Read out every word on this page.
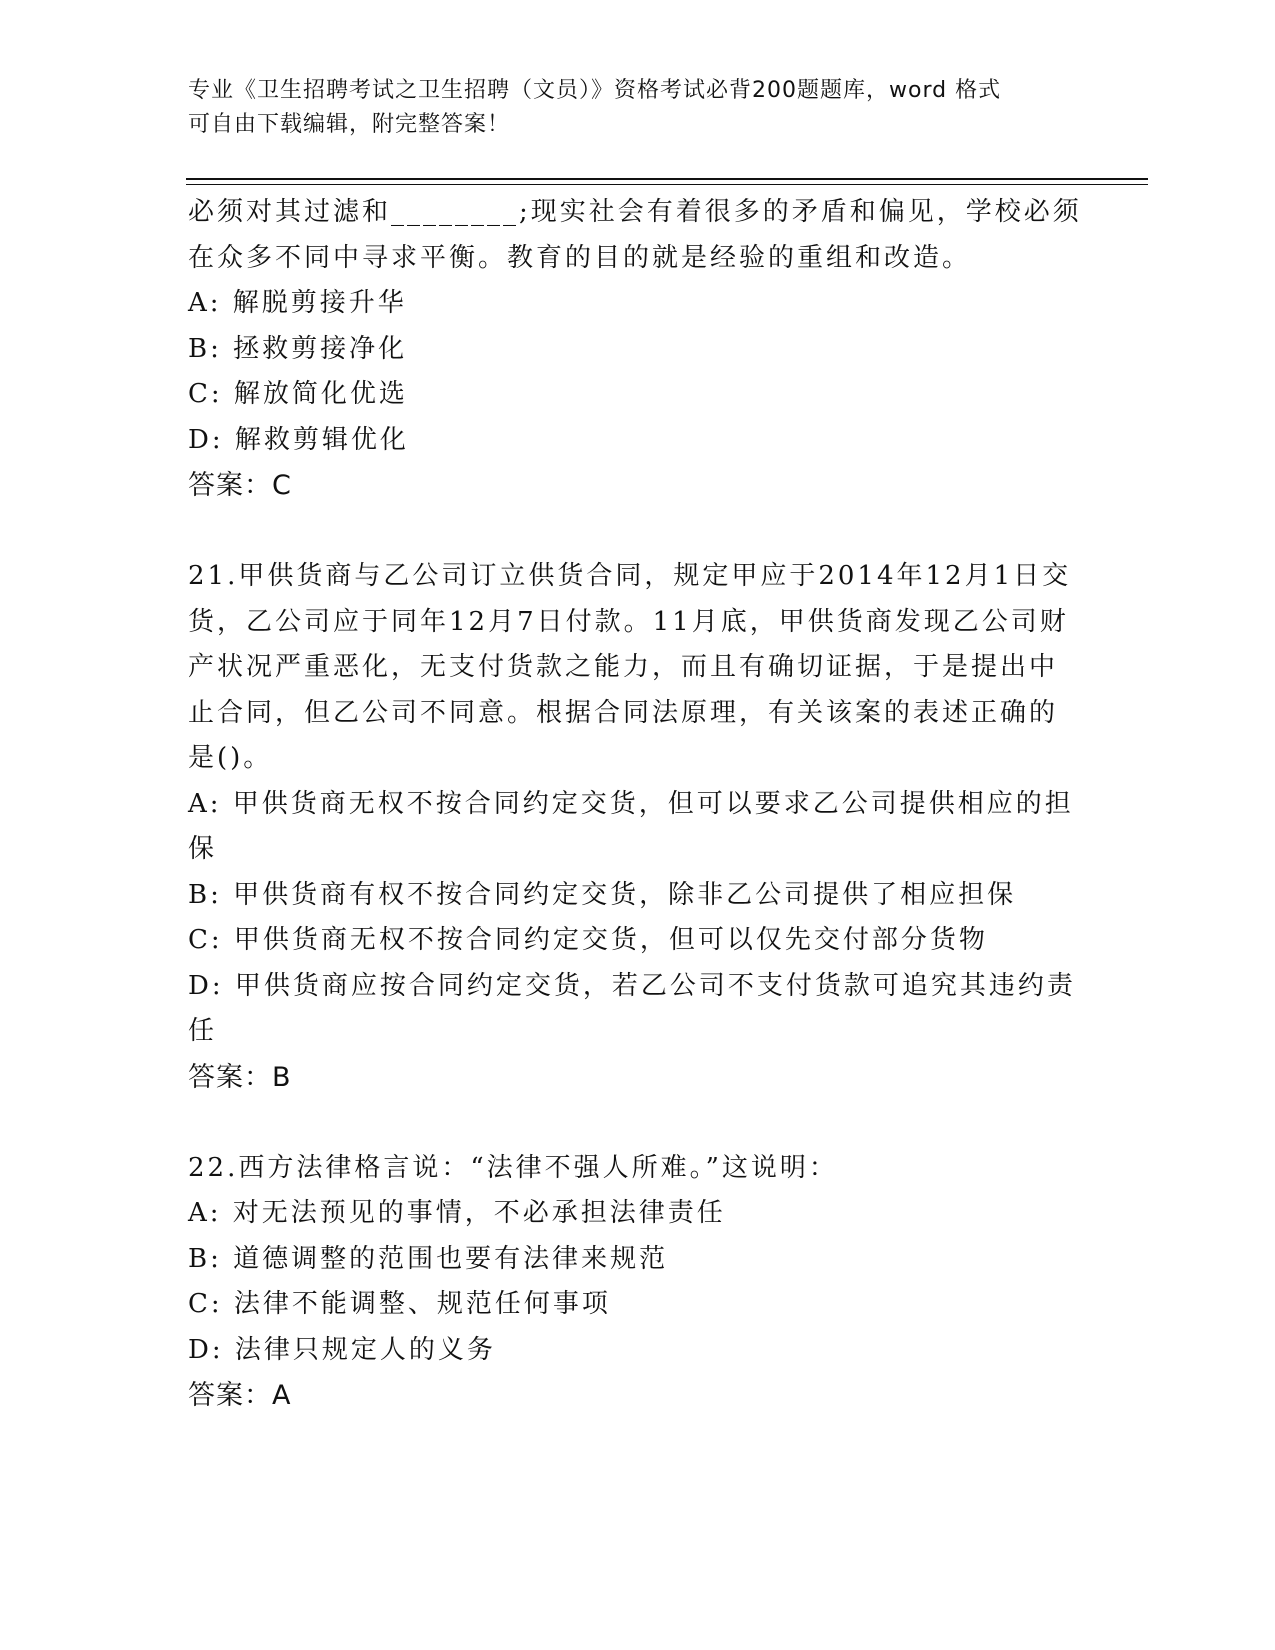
专业《卫生招聘考试之卫生招聘（文员）》资格考试必背200题题库，word 格式
可自由下载编辑，附完整答案！

必须对其过滤和________;现实社会有着很多的矛盾和偏见，学校必须

在众多不同中寻求平衡。教育的目的就是经验的重组和改造。

A: 解脱剪接升华

B: 拯救剪接净化

C: 解放简化优选

D: 解救剪辑优化

答案：C

21.甲供货商与乙公司订立供货合同，规定甲应于2014年12月1日交

货，乙公司应于同年12月7日付款。11月底，甲供货商发现乙公司财

产状况严重恶化，无支付货款之能力，而且有确切证据，于是提出中

止合同，但乙公司不同意。根据合同法原理，有关该案的表述正确的

是()。

A: 甲供货商无权不按合同约定交货，但可以要求乙公司提供相应的担

保

B: 甲供货商有权不按合同约定交货，除非乙公司提供了相应担保

C: 甲供货商无权不按合同约定交货，但可以仅先交付部分货物

D: 甲供货商应按合同约定交货，若乙公司不支付货款可追究其违约责

任

答案：B

22.西方法律格言说：“法律不强人所难。”这说明：

A: 对无法预见的事情，不必承担法律责任

B: 道德调整的范围也要有法律来规范

C: 法律不能调整、规范任何事项

D: 法律只规定人的义务

答案：A
